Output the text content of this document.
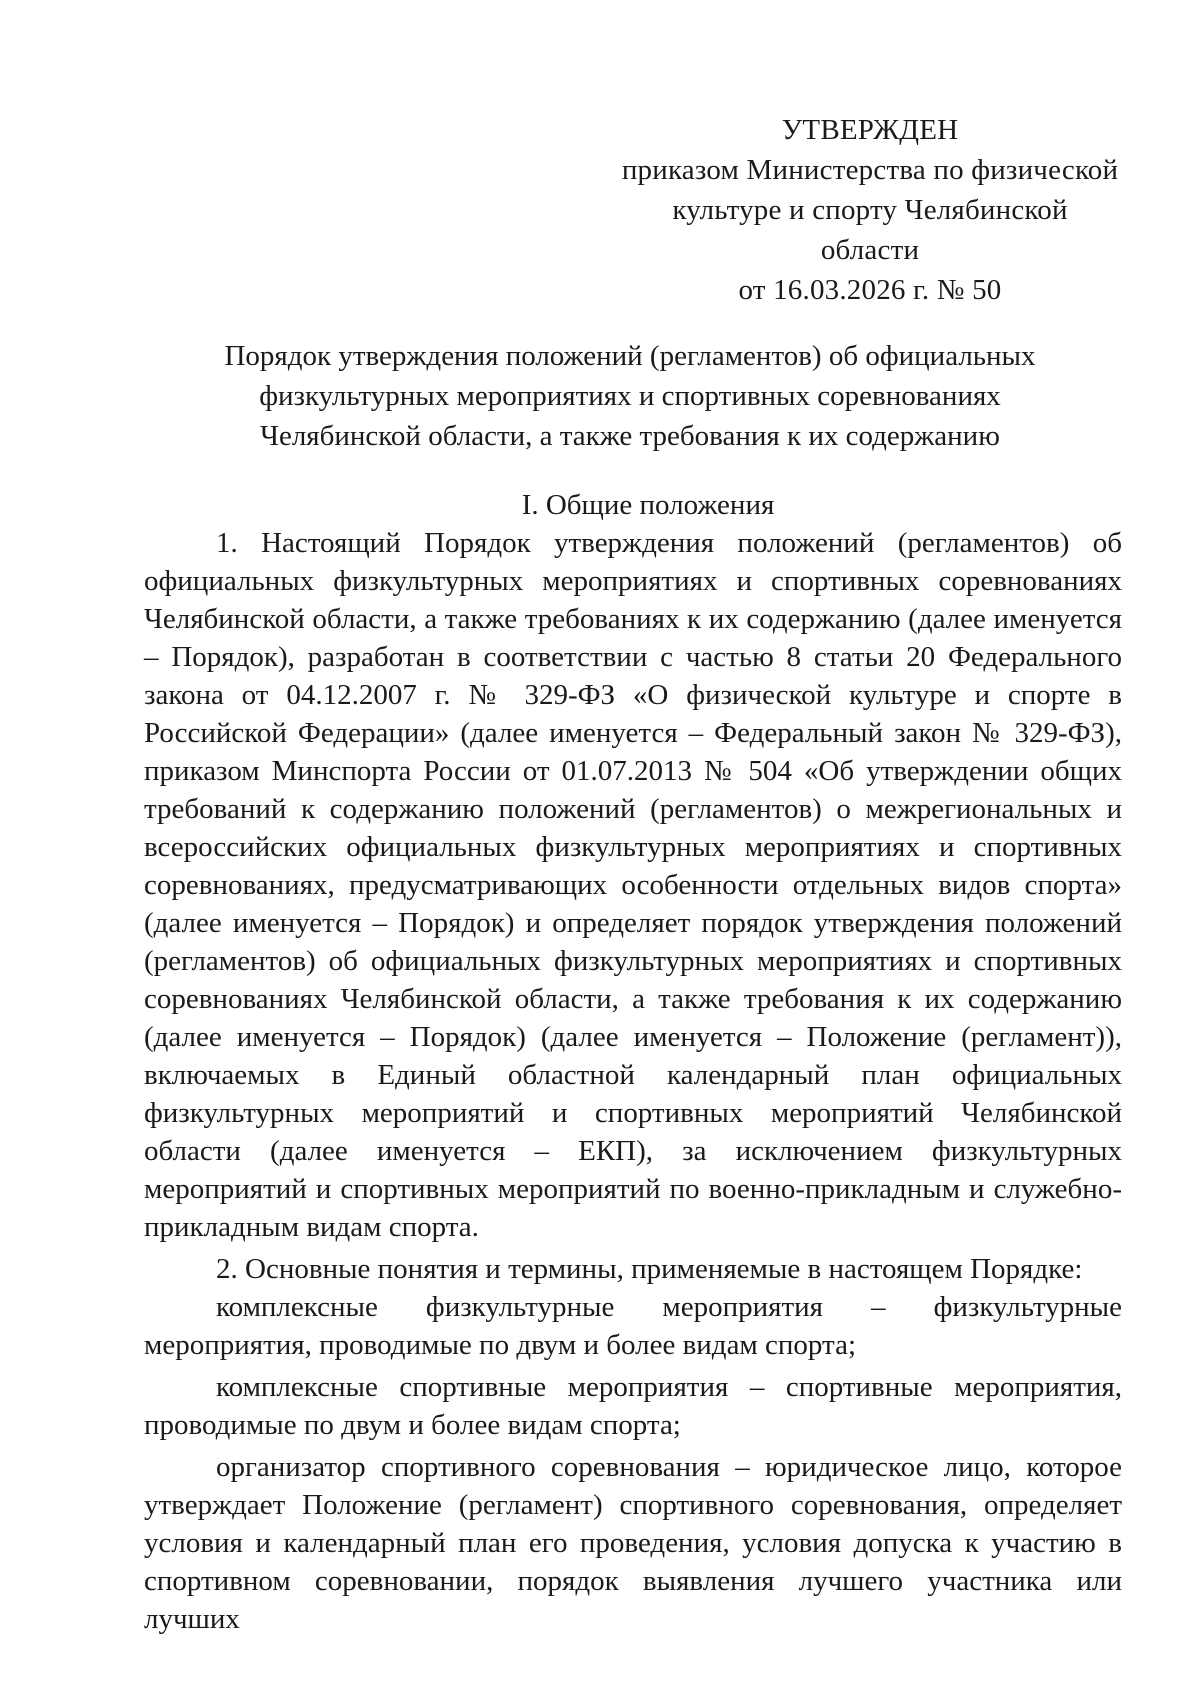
УТВЕРЖДЕН
приказом Министерства по физической
культуре и спорту Челябинской области
от 16.03.2026 г. № 50
Порядок утверждения положений (регламентов) об официальных
физкультурных мероприятиях и спортивных соревнованиях
Челябинской области, а также требования к их содержанию
I. Общие положения

1. Настоящий Порядок утверждения положений (регламентов) об официальных физкультурных мероприятиях и спортивных соревнованиях Челябинской области, а также требованиях к их содержанию (далее именуется – Порядок), разработан в соответствии с частью 8 статьи 20 Федерального закона от 04.12.2007 г. № 329-ФЗ «О физической культуре и спорте в Российской Федерации» (далее именуется – Федеральный закон № 329-ФЗ), приказом Минспорта России от 01.07.2013 № 504 «Об утверждении общих требований к содержанию положений (регламентов) о межрегиональных и всероссийских официальных физкультурных мероприятиях и спортивных соревнованиях, предусматривающих особенности отдельных видов спорта» (далее именуется – Порядок) и определяет порядок утверждения положений (регламентов) об официальных физкультурных мероприятиях и спортивных соревнованиях Челябинской области, а также требования к их содержанию (далее именуется – Порядок) (далее именуется – Положение (регламент)), включаемых в Единый областной календарный план официальных физкультурных мероприятий и спортивных мероприятий Челябинской области (далее именуется – ЕКП), за исключением физкультурных мероприятий и спортивных мероприятий по военно-прикладным и служебно-прикладным видам спорта.

2. Основные понятия и термины, применяемые в настоящем Порядке:

комплексные физкультурные мероприятия – физкультурные мероприятия, проводимые по двум и более видам спорта;

комплексные спортивные мероприятия – спортивные мероприятия, проводимые по двум и более видам спорта;

организатор спортивного соревнования – юридическое лицо, которое утверждает Положение (регламент) спортивного соревнования, определяет условия и календарный план его проведения, условия допуска к участию в спортивном соревновании, порядок выявления лучшего участника или лучших
